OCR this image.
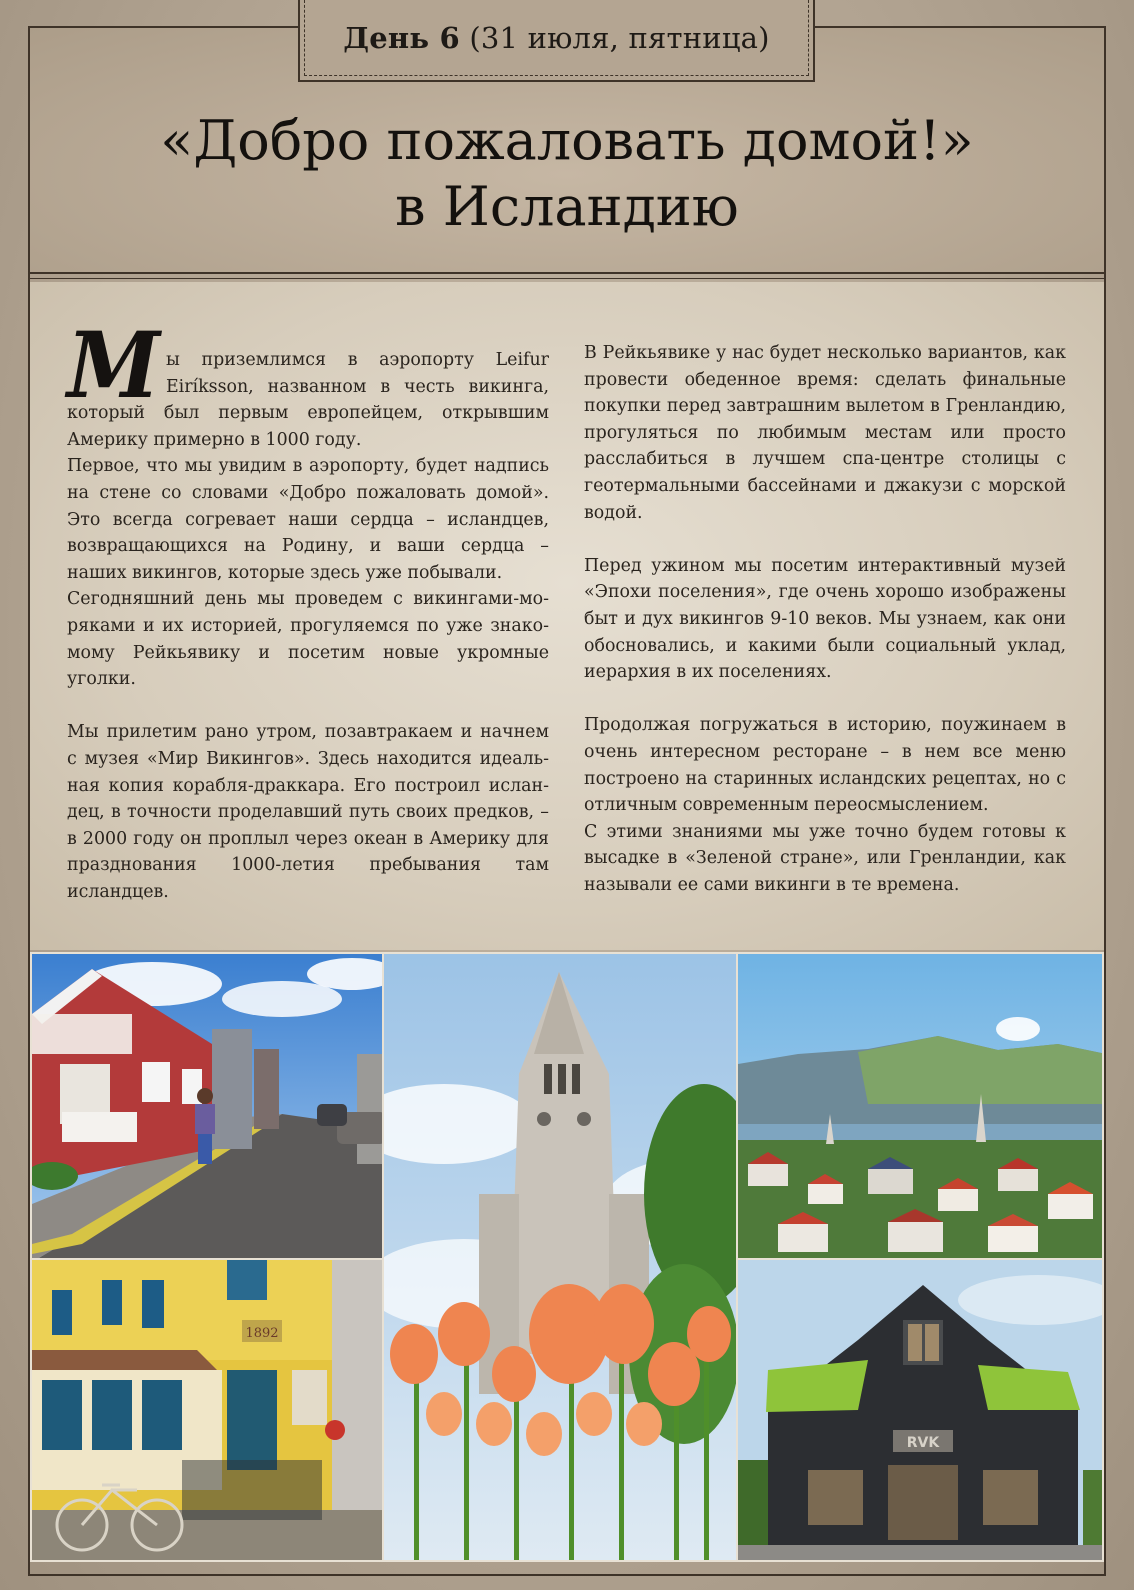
День 6 (31 июля, пятница)
«Добро пожаловать домой!»
в Исландию

Мы приземлимся в аэропорту Leifur Eiríksson, названном в честь викинга, который был первым европейцем, открывшим Америку примерно в 1000 году.

Первое, что мы увидим в аэропорту, будет надпись на стене со словами «Добро пожаловать домой». Это всегда согревает наши сердца – исландцев, возвращающихся на Родину, и ваши сердца – наших викингов, которые здесь уже побывали.

Сегодняшний день мы проведем с викингами-моряками и их историей, прогуляемся по уже знакомому Рейкьявику и посетим новые укромные уголки.

Мы прилетим рано утром, позавтракаем и начнем с музея «Мир Викингов». Здесь находится идеальная копия корабля-драккара. Его построил исландец, в точности проделавший путь своих предков, – в 2000 году он проплыл через океан в Америку для празднования 1000-летия пребывания там исландцев.

В Рейкьявике у нас будет несколько вариантов, как провести обеденное время: сделать финальные покупки перед завтрашним вылетом в Гренландию, прогуляться по любимым местам или просто расслабиться в лучшем спа-центре столицы с геотермальными бассейнами и джакузи с морской водой.

Перед ужином мы посетим интерактивный музей «Эпохи поселения», где очень хорошо изображены быт и дух викингов 9-10 веков. Мы узнаем, как они обосновались, и какими были социальный уклад, иерархия в их поселениях.

Продолжая погружаться в историю, поужинаем в очень интересном ресторане – в нем все меню построено на старинных исландских рецептах, но с отличным современным переосмыслением.

С этими знаниями мы уже точно будем готовы к высадке в «Зеленой стране», или Гренландии, как называли ее сами викинги в те времена.

1892
RVK
